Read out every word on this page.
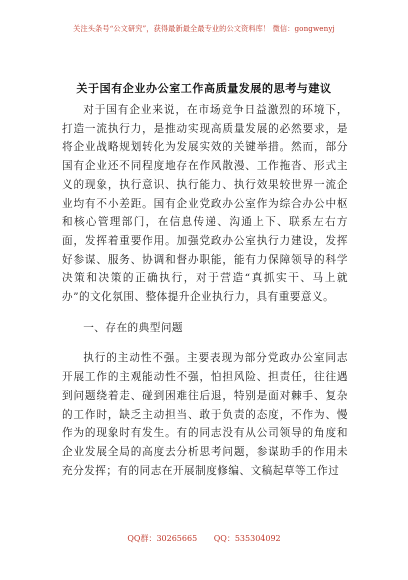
关注头条号“公文研究”，获得最新最全最专业的公文资料库！ 微信：gongwenyj
关于国有企业办公室工作高质量发展的思考与建议

对于国有企业来说，在市场竞争日益激烈的环境下，打造一流执行力，是推动实现高质量发展的必然要求，是将企业战略规划转化为发展实效的关键举措。然而，部分国有企业还不同程度地存在作风散漫、工作拖沓、形式主义的现象，执行意识、执行能力、执行效果较世界一流企业均有不小差距。国有企业党政办公室作为综合办公中枢和核心管理部门，在信息传递、沟通上下、联系左右方面，发挥着重要作用。加强党政办公室执行力建设，发挥好参谋、服务、协调和督办职能，能有力保障领导的科学决策和决策的正确执行，对于营造“真抓实干、马上就办”的文化氛围、整体提升企业执行力，具有重要意义。

一、存在的典型问题

执行的主动性不强。主要表现为部分党政办公室同志开展工作的主观能动性不强，怕担风险、担责任，往往遇到问题绕着走、碰到困难往后退，特别是面对棘手、复杂的工作时，缺乏主动担当、敢于负责的态度，不作为、慢作为的现象时有发生。有的同志没有从公司领导的角度和企业发展全局的高度去分析思考问题，参谋助手的作用未充分发挥；有的同志在开展制度修编、文稿起草等工作过

QQ群：30265665 QQ：535304092
